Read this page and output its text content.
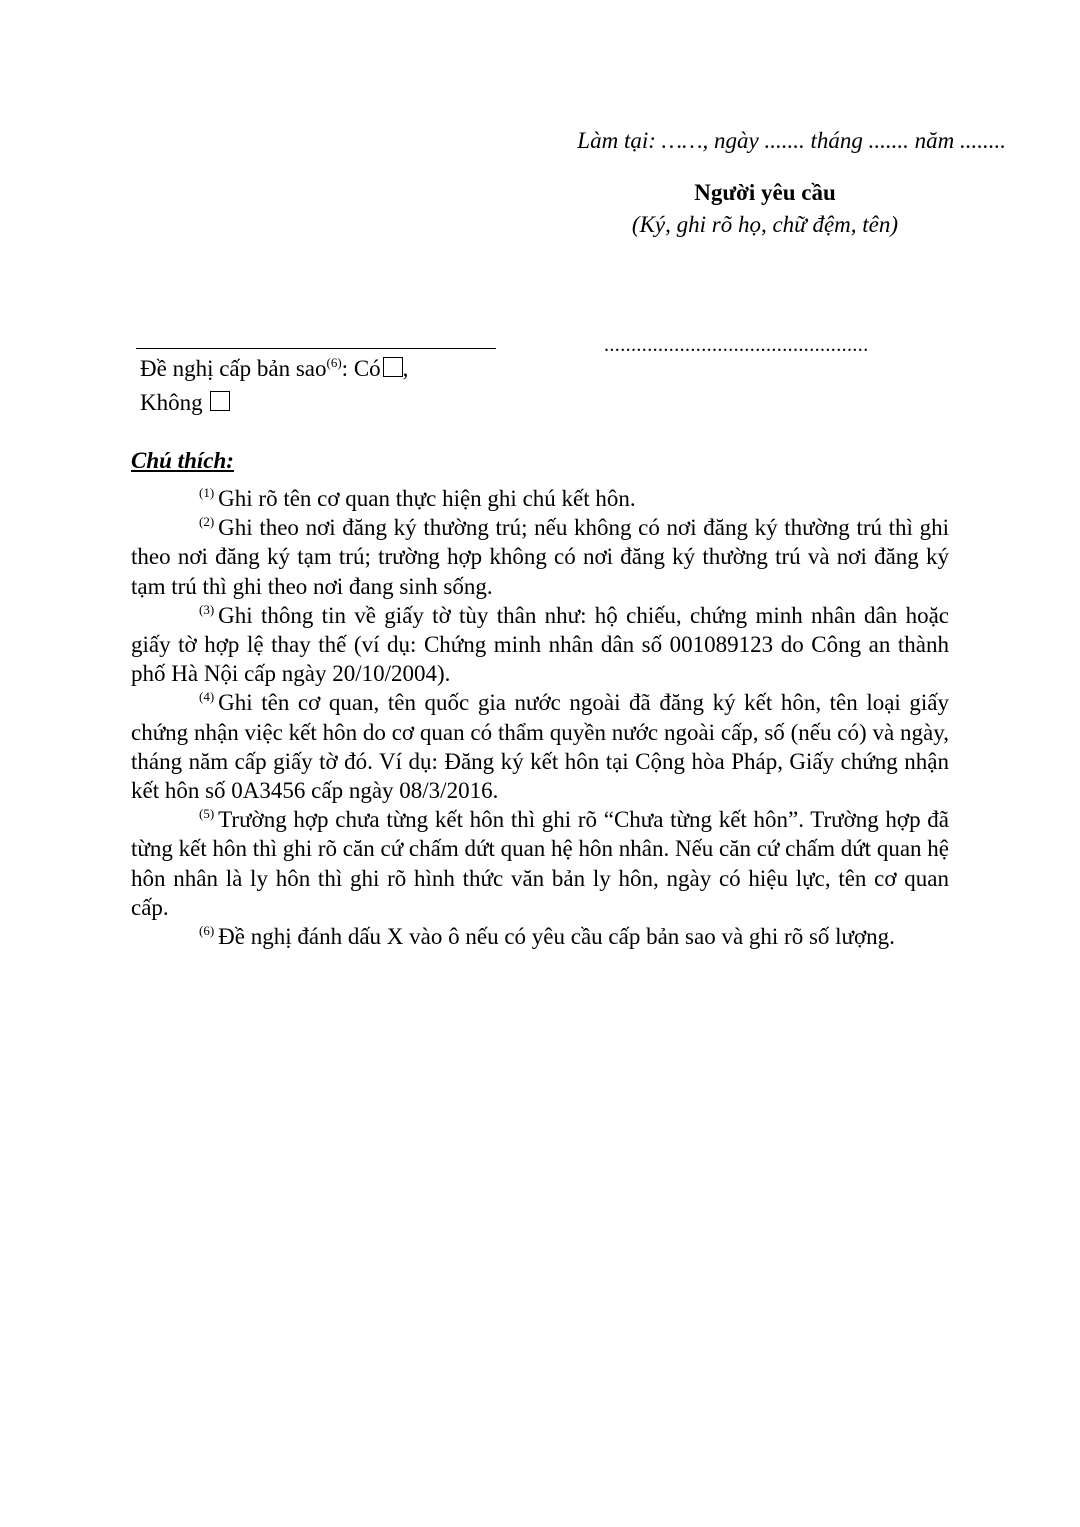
Làm tại: ……, ngày ....... tháng ....... năm ........
Người yêu cầu
(Ký, ghi rõ họ, chữ đệm, tên)
.................................................
Đề nghị cấp bản sao$^{(6)}$: Có ,
Không
Chú thích:

$^{(1)}$ Ghi rõ tên cơ quan thực hiện ghi chú kết hôn.

$^{(2)}$ Ghi theo nơi đăng ký thường trú; nếu không có nơi đăng ký thường trú thì ghi theo nơi đăng ký tạm trú; trường hợp không có nơi đăng ký thường trú và nơi đăng ký tạm trú thì ghi theo nơi đang sinh sống.

$^{(3)}$ Ghi thông tin về giấy tờ tùy thân như: hộ chiếu, chứng minh nhân dân hoặc giấy tờ hợp lệ thay thế (ví dụ: Chứng minh nhân dân số 001089123 do Công an thành phố Hà Nội cấp ngày 20/10/2004).

$^{(4)}$ Ghi tên cơ quan, tên quốc gia nước ngoài đã đăng ký kết hôn, tên loại giấy chứng nhận việc kết hôn do cơ quan có thẩm quyền nước ngoài cấp, số (nếu có) và ngày, tháng năm cấp giấy tờ đó. Ví dụ: Đăng ký kết hôn tại Cộng hòa Pháp, Giấy chứng nhận kết hôn số 0A3456 cấp ngày 08/3/2016.

$^{(5)}$ Trường hợp chưa từng kết hôn thì ghi rõ “Chưa từng kết hôn”. Trường hợp đã từng kết hôn thì ghi rõ căn cứ chấm dứt quan hệ hôn nhân. Nếu căn cứ chấm dứt quan hệ hôn nhân là ly hôn thì ghi rõ hình thức văn bản ly hôn, ngày có hiệu lực, tên cơ quan cấp.

$^{(6)}$ Đề nghị đánh dấu X vào ô nếu có yêu cầu cấp bản sao và ghi rõ số lượng.
